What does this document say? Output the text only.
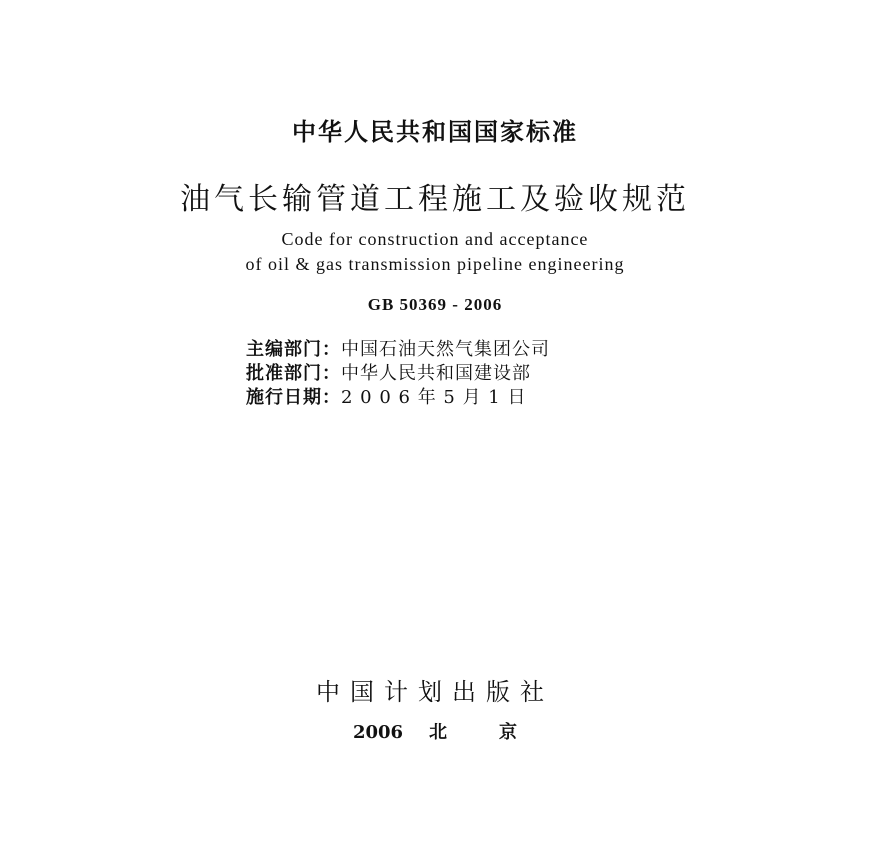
中华人民共和国国家标准
油气长输管道工程施工及验收规范
Code for construction and acceptance
of oil & gas transmission pipeline engineering
GB 50369 - 2006
主编部门：中国石油天然气集团公司
批准部门：中华人民共和国建设部
施行日期：2 0 0 6 年 5 月 1 日
中国计划出版社
2006 北	京
